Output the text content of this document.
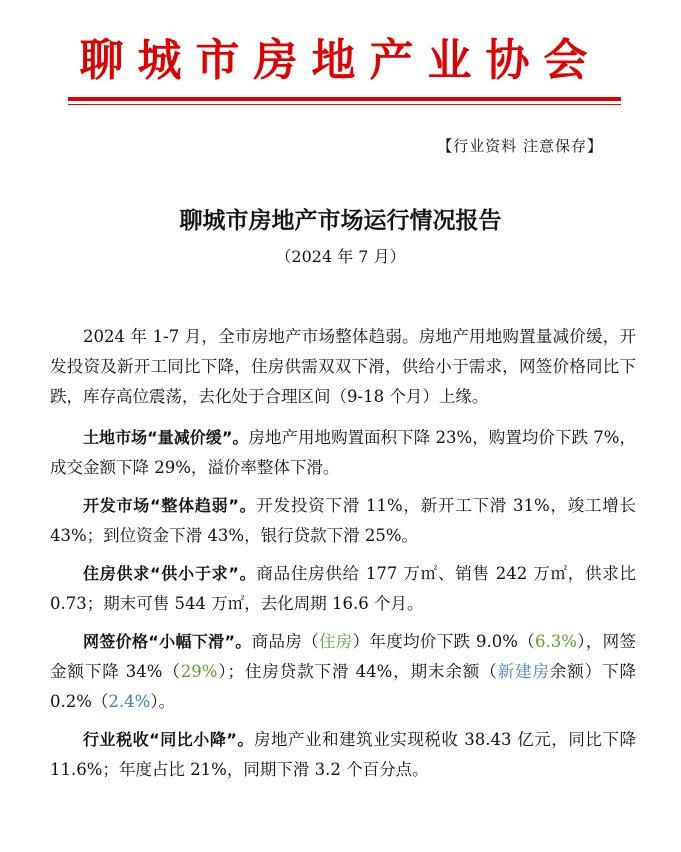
聊城市房地产业协会
【行业资料 注意保存】
聊城市房地产市场运行情况报告
（2024 年 7 月）

2024 年 1-7 月，全市房地产市场整体趋弱。房地产用地购置量减价缓，开发投资及新开工同比下降，住房供需双双下滑，供给小于需求，网签价格同比下跌，库存高位震荡，去化处于合理区间（9-18 个月）上缘。

土地市场“量减价缓”。房地产用地购置面积下降 23%，购置均价下跌 7%，成交金额下降 29%，溢价率整体下滑。

开发市场“整体趋弱”。开发投资下滑 11%，新开工下滑 31%，竣工增长 43%；到位资金下滑 43%，银行贷款下滑 25%。

住房供求“供小于求”。商品住房供给 177 万㎡、销售 242 万㎡，供求比 0.73；期末可售 544 万㎡，去化周期 16.6 个月。

网签价格“小幅下滑”。商品房（住房）年度均价下跌 9.0%（6.3%），网签金额下降 34%（29%）；住房贷款下滑 44%，期末余额（新建房余额）下降 0.2%（2.4%）。

行业税收“同比小降”。房地产业和建筑业实现税收 38.43 亿元，同比下降 11.6%；年度占比 21%，同期下滑 3.2 个百分点。
